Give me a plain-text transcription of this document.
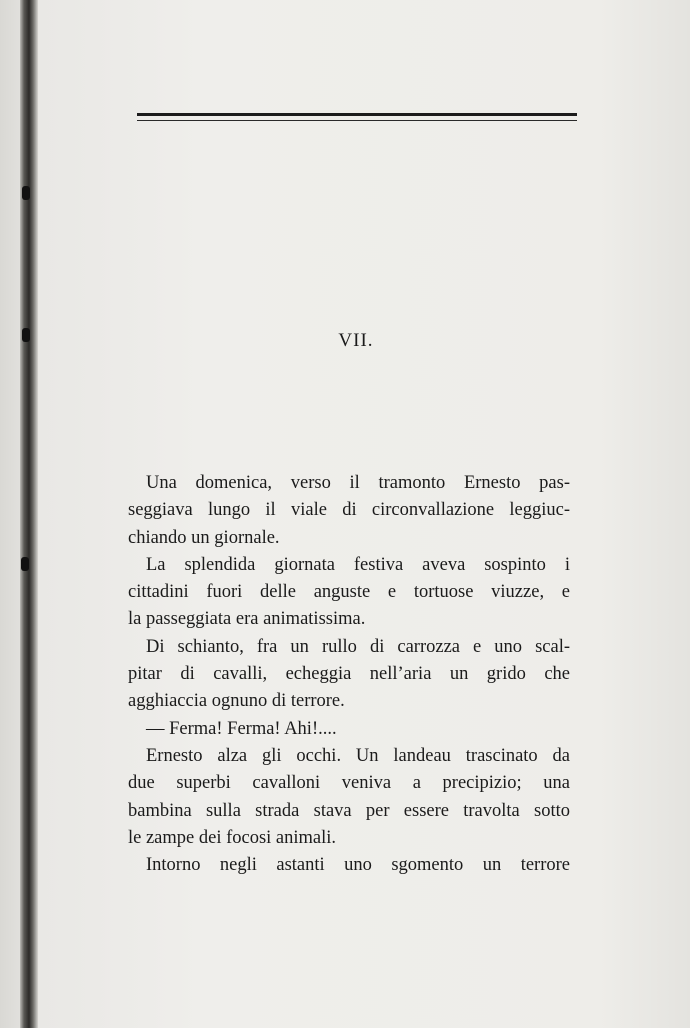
VII.
Una domenica, verso il tramonto Ernesto pas-
seggiava lungo il viale di circonvallazione leggiuc-
chiando un giornale.
La splendida giornata festiva aveva sospinto i
cittadini fuori delle anguste e tortuose viuzze, e
la passeggiata era animatissima.
Di schianto, fra un rullo di carrozza e uno scal-
pitar di cavalli, echeggia nell’aria un grido che
agghiaccia ognuno di terrore.
— Ferma! Ferma! Ahi!....
Ernesto alza gli occhi. Un landeau trascinato da
due superbi cavalloni veniva a precipizio; una
bambina sulla strada stava per essere travolta sotto
le zampe dei focosi animali.
Intorno negli astanti uno sgomento un terrore
